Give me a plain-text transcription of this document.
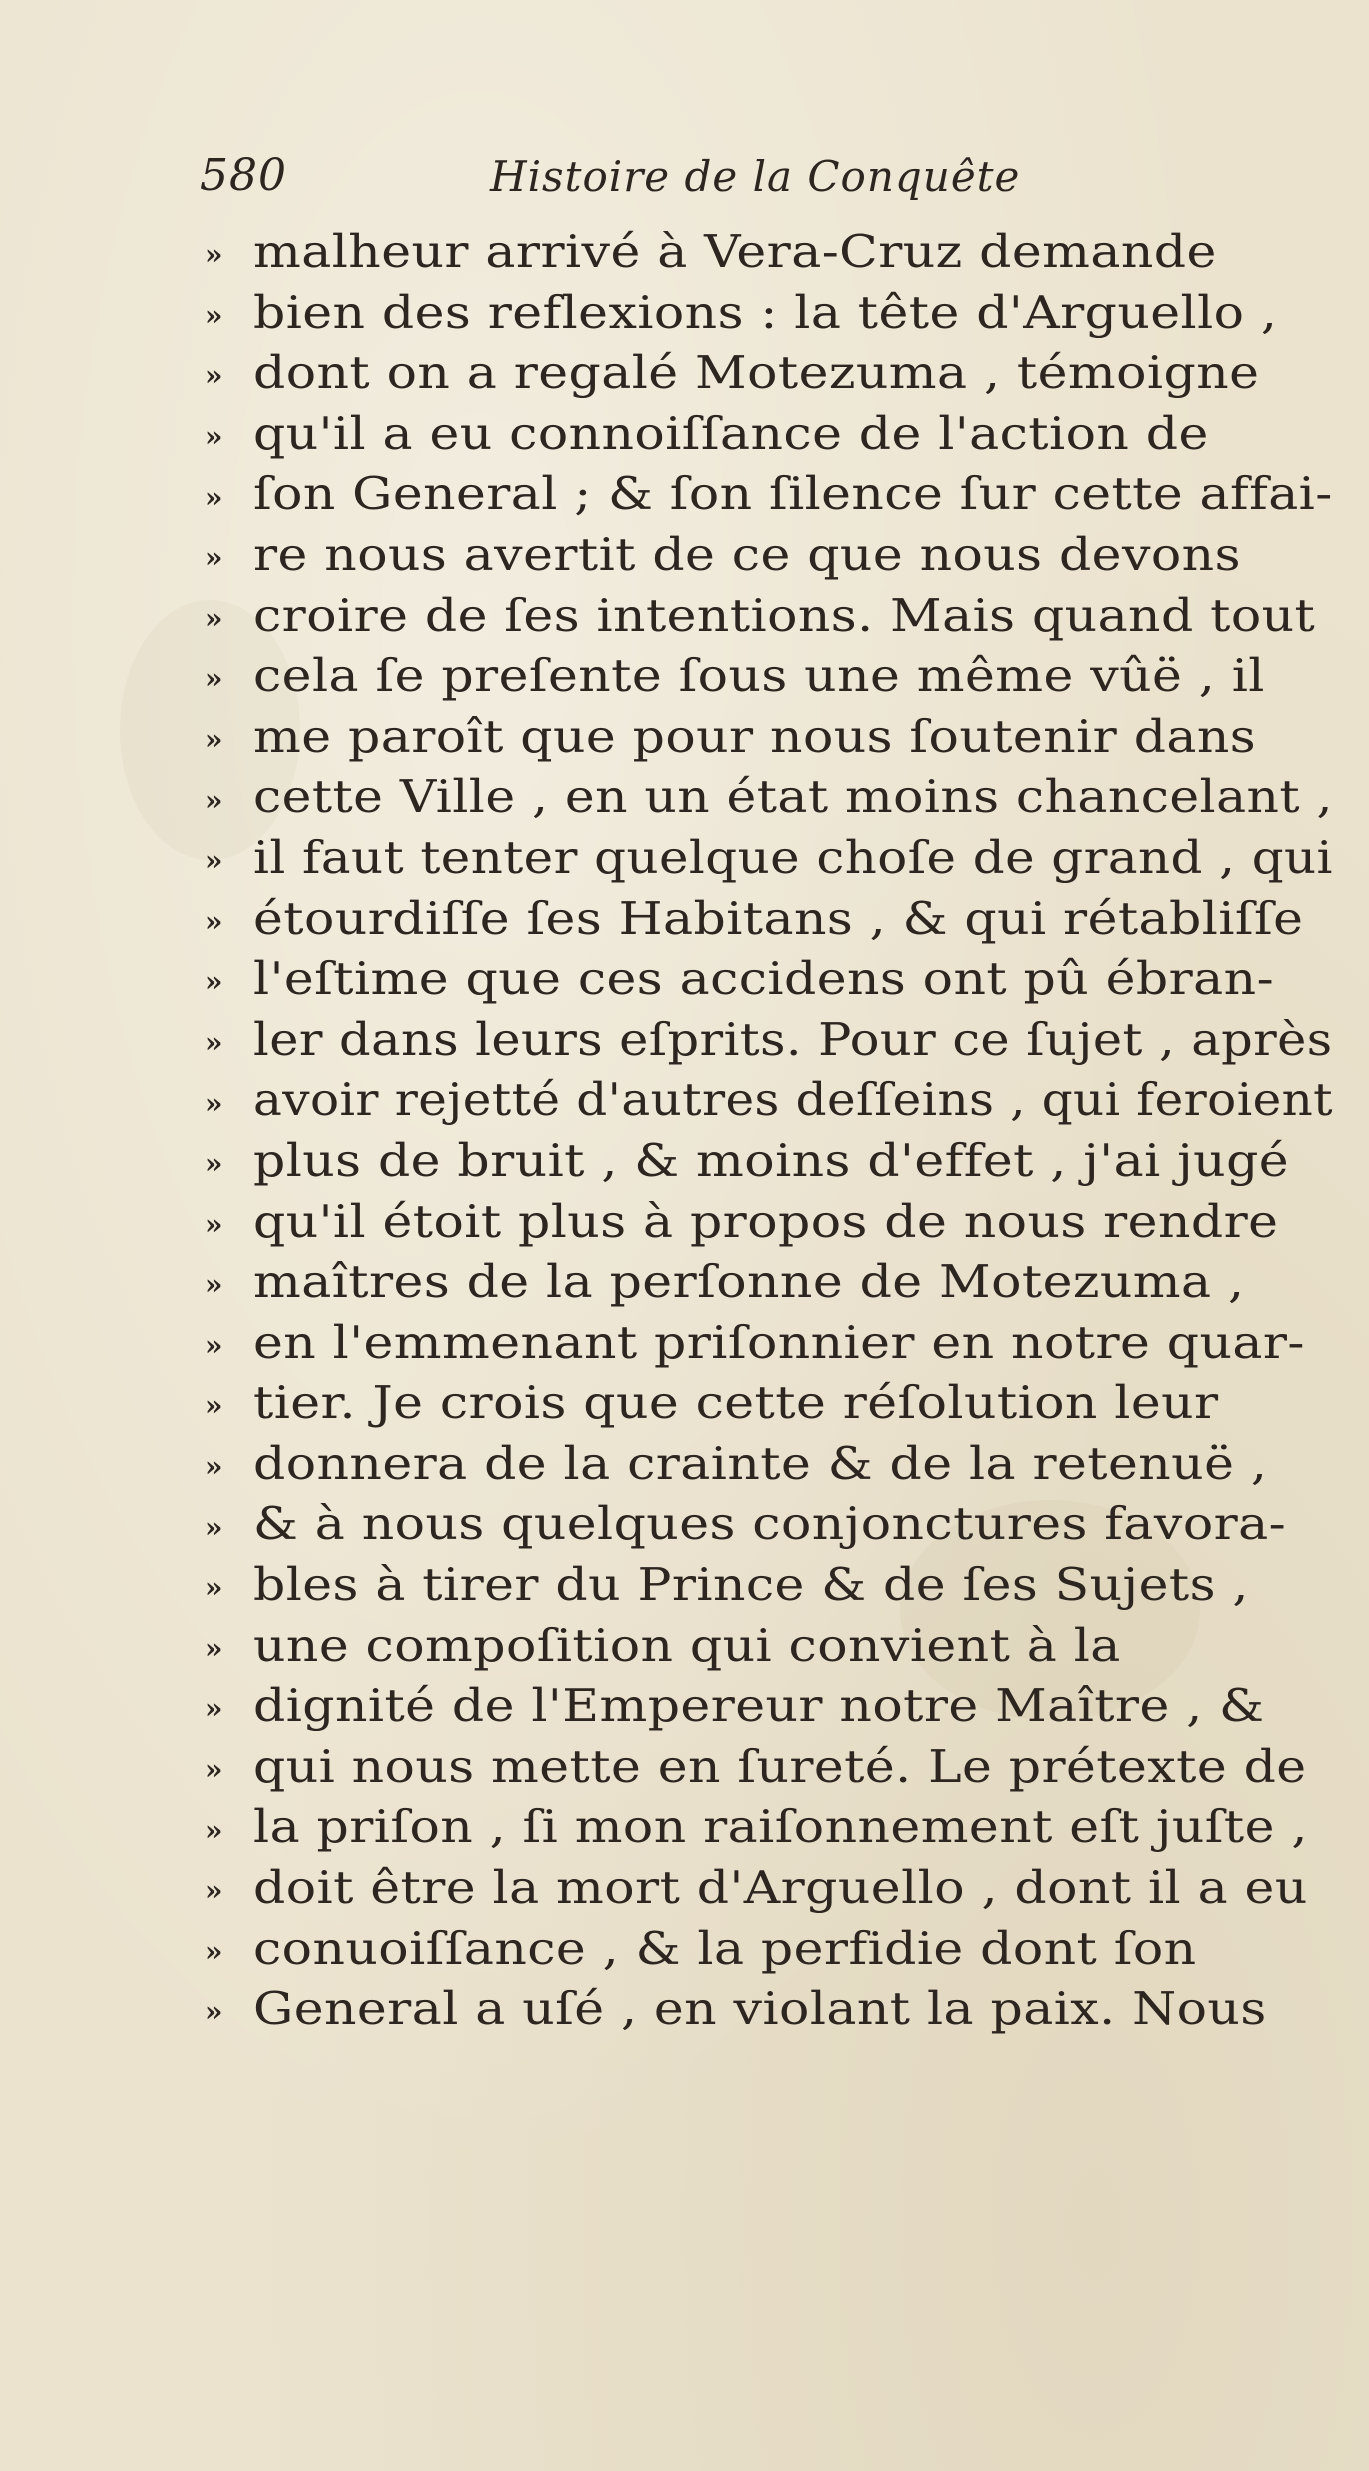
580	Histoire de la Conquête
» malheur arrivé à Vera-Cruz demande
» bien des reflexions : la tête d'Arguello ,
» dont on a regalé Motezuma , témoigne
» qu'il a eu connoiſſance de l'action de
» ſon General ; & ſon ſilence ſur cette affai-
» re nous avertit de ce que nous devons
» croire de ſes intentions. Mais quand tout
» cela ſe preſente ſous une même vûë , il
» me paroît que pour nous ſoutenir dans
» cette Ville , en un état moins chancelant ,
» il faut tenter quelque choſe de grand , qui
» étourdiſſe ſes Habitans , & qui rétabliſſe
» l'eſtime que ces accidens ont pû ébran-
» ler dans leurs eſprits. Pour ce ſujet , après
» avoir rejetté d'autres deſſeins , qui feroient
» plus de bruit , & moins d'effet , j'ai jugé
» qu'il étoit plus à propos de nous rendre
» maîtres de la perſonne de Motezuma ,
» en l'emmenant priſonnier en notre quar-
» tier. Je crois que cette réſolution leur
» donnera de la crainte & de la retenuë ,
» & à nous quelques conjonctures favora-
» bles à tirer du Prince & de ſes Sujets ,
» une compoſition qui convient à la
» dignité de l'Empereur notre Maître , &
» qui nous mette en ſureté. Le prétexte de
» la priſon , ſi mon raiſonnement eſt juſte ,
» doit être la mort d'Arguello , dont il a eu
» conuoiſſance , & la perfidie dont ſon
» General a uſé , en violant la paix. Nous
